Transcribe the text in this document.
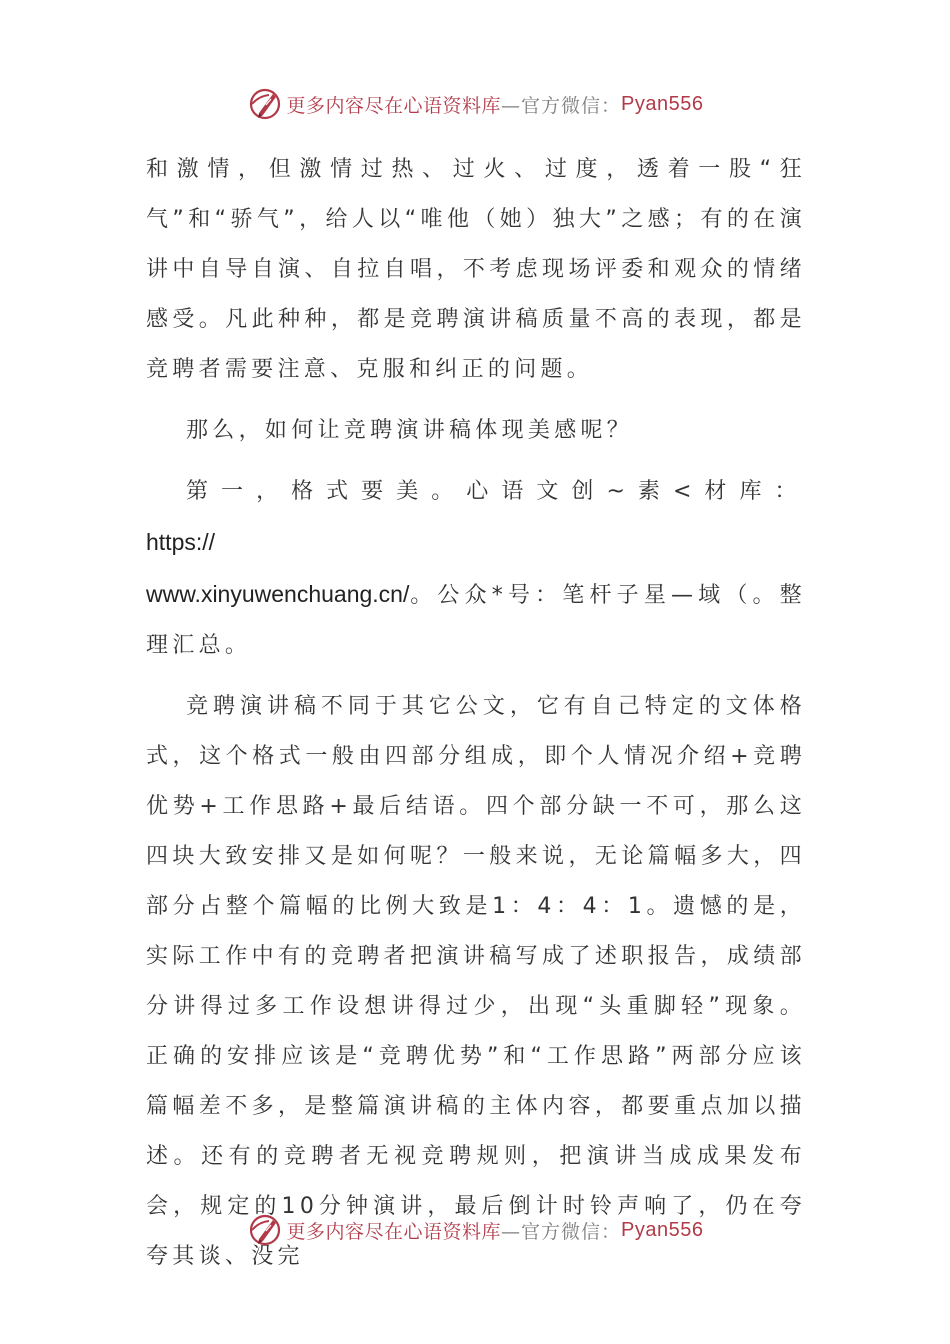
更多内容尽在心语资料库 —官方微信： Pyan556

和激情，但激情过热、过火、过度，透着一股“狂气”和“骄气”，给人以“唯他（她）独大”之感；有的在演讲中自导自演、自拉自唱，不考虑现场评委和观众的情绪感受。凡此种种，都是竞聘演讲稿质量不高的表现，都是竞聘者需要注意、克服和纠正的问题。

那么，如何让竞聘演讲稿体现美感呢？

第一，格式要美。心语文创~素<材库：https://
www.xinyuwenchuang.cn/。公众*号：笔杆子星—域（。整理汇总。

竞聘演讲稿不同于其它公文，它有自己特定的文体格式，这个格式一般由四部分组成，即个人情况介绍+竞聘优势+工作思路+最后结语。四个部分缺一不可，那么这四块大致安排又是如何呢？一般来说，无论篇幅多大，四部分占整个篇幅的比例大致是1：4：4：1。遗憾的是，实际工作中有的竞聘者把演讲稿写成了述职报告，成绩部分讲得过多工作设想讲得过少，出现“头重脚轻”现象。正确的安排应该是“竞聘优势”和“工作思路”两部分应该篇幅差不多，是整篇演讲稿的主体内容，都要重点加以描述。还有的竞聘者无视竞聘规则，把演讲当成成果发布会，规定的10分钟演讲，最后倒计时铃声响了，仍在夸夸其谈、没完

更多内容尽在心语资料库 —官方微信： Pyan556
